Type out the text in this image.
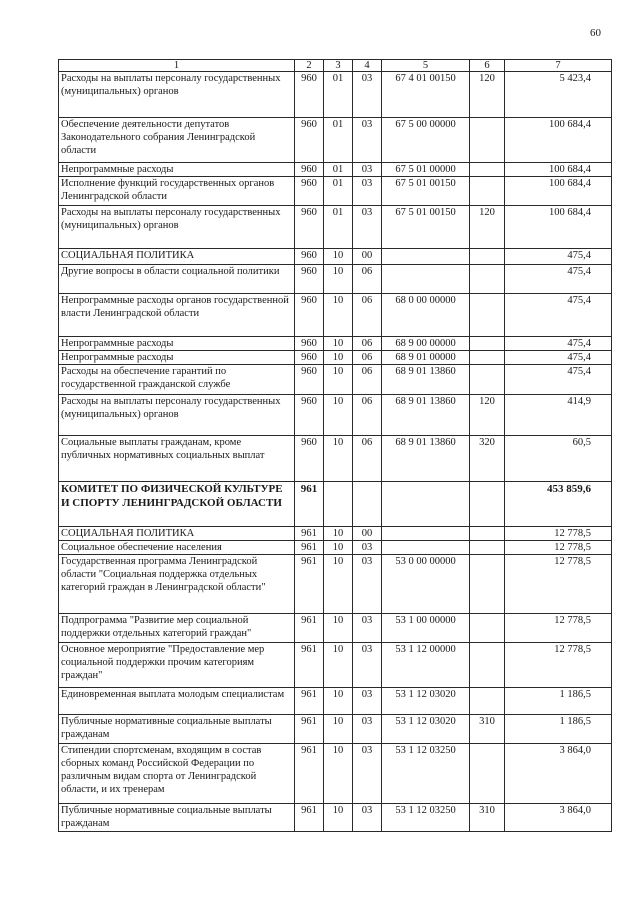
60
1	2	3	4	5	6	7
Расходы на выплаты персоналу государственных (муниципальных) органов	960	01	03	67 4 01 00150	120	5 423,4
Обеспечение деятельности депутатов Законодательного собрания Ленинградской области	960	01	03	67 5 00 00000		100 684,4
Непрограммные расходы	960	01	03	67 5 01 00000		100 684,4
Исполнение функций государственных органов Ленинградской области	960	01	03	67 5 01 00150		100 684,4
Расходы на выплаты персоналу государственных (муниципальных) органов	960	01	03	67 5 01 00150	120	100 684,4
СОЦИАЛЬНАЯ ПОЛИТИКА	960	10	00			475,4
Другие вопросы в области социальной политики	960	10	06			475,4
Непрограммные расходы органов государственной власти Ленинградской области	960	10	06	68 0 00 00000		475,4
Непрограммные расходы	960	10	06	68 9 00 00000		475,4
Непрограммные расходы	960	10	06	68 9 01 00000		475,4
Расходы на обеспечение гарантий по государственной гражданской службе	960	10	06	68 9 01 13860		475,4
Расходы на выплаты персоналу государственных (муниципальных) органов	960	10	06	68 9 01 13860	120	414,9
Социальные выплаты гражданам, кроме публичных нормативных социальных выплат	960	10	06	68 9 01 13860	320	60,5
КОМИТЕТ ПО ФИЗИЧЕСКОЙ КУЛЬТУРЕ И СПОРТУ ЛЕНИНГРАДСКОЙ ОБЛАСТИ	961					453 859,6
СОЦИАЛЬНАЯ ПОЛИТИКА	961	10	00			12 778,5
Социальное обеспечение населения	961	10	03			12 778,5
Государственная программа Ленинградской области "Социальная поддержка отдельных категорий граждан в Ленинградской области"	961	10	03	53 0 00 00000		12 778,5
Подпрограмма "Развитие мер социальной поддержки отдельных категорий граждан"	961	10	03	53 1 00 00000		12 778,5
Основное мероприятие "Предоставление мер социальной поддержки прочим категориям граждан"	961	10	03	53 1 12 00000		12 778,5
Единовременная выплата молодым специалистам	961	10	03	53 1 12 03020		1 186,5
Публичные нормативные социальные выплаты гражданам	961	10	03	53 1 12 03020	310	1 186,5
Стипендии спортсменам, входящим в состав сборных команд Российской Федерации по различным видам спорта от Ленинградской области, и их тренерам	961	10	03	53 1 12 03250		3 864,0
Публичные нормативные социальные выплаты гражданам	961	10	03	53 1 12 03250	310	3 864,0
